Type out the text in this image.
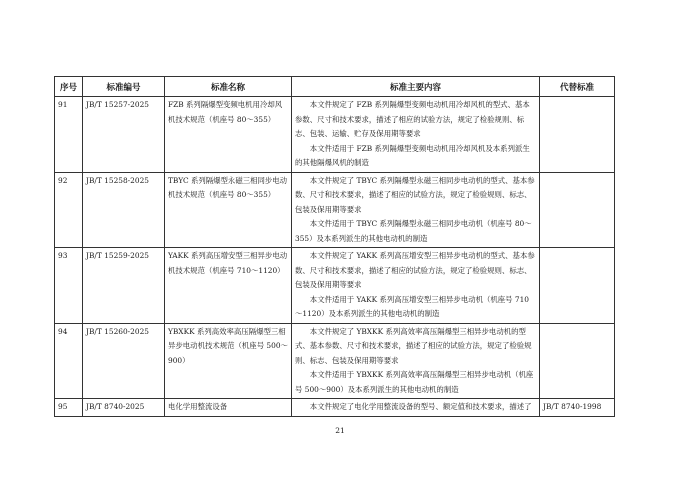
序号	标准编号	标准名称	标准主要内容	代替标准
91	JB/T 15257-2025	FZB 系列隔爆型变频电机用冷却风机技术规范（机座号 80～355）	本文件规定了 FZB 系列隔爆型变频电动机用冷却风机的型式、基本参数、尺寸和技术要求，描述了相应的试验方法，规定了检验规则、标志、包装、运输、贮存及保用期等要求
本文件适用于 FZB 系列隔爆型变频电动机用冷却风机及本系列派生的其他隔爆风机的制造	

92	JB/T 15258-2025	TBYC 系列隔爆型永磁三相同步电动机技术规范（机座号 80～355）	本文件规定了 TBYC 系列隔爆型永磁三相同步电动机的型式、基本参数、尺寸和技术要求，描述了相应的试验方法，规定了检验规则、标志、包装及保用期等要求
本文件适用于 TBYC 系列隔爆型永磁三相同步电动机（机座号 80～355）及本系列派生的其他电动机的制造	

93	JB/T 15259-2025	YAKK 系列高压增安型三相异步电动机技术规范（机座号 710～1120）	本文件规定了 YAKK 系列高压增安型三相异步电动机的型式、基本参数、尺寸和技术要求，描述了相应的试验方法，规定了检验规则、标志、包装及保用期等要求
本文件适用于 YAKK 系列高压增安型三相异步电动机（机座号 710～1120）及本系列派生的其他电动机的制造	

94	JB/T 15260-2025	YBXKK 系列高效率高压隔爆型三相异步电动机技术规范（机座号 500～900）	本文件规定了 YBXKK 系列高效率高压隔爆型三相异步电动机的型式、基本参数、尺寸和技术要求，描述了相应的试验方法，规定了检验规则、标志、包装及保用期等要求
本文件适用于 YBXKK 系列高效率高压隔爆型三相异步电动机（机座号 500～900）及本系列派生的其他电动机的制造	

95	JB/T 8740-2025	电化学用整流设备	本文件规定了电化学用整流设备的型号、额定值和技术要求，描述了	JB/T 8740-1998
21
